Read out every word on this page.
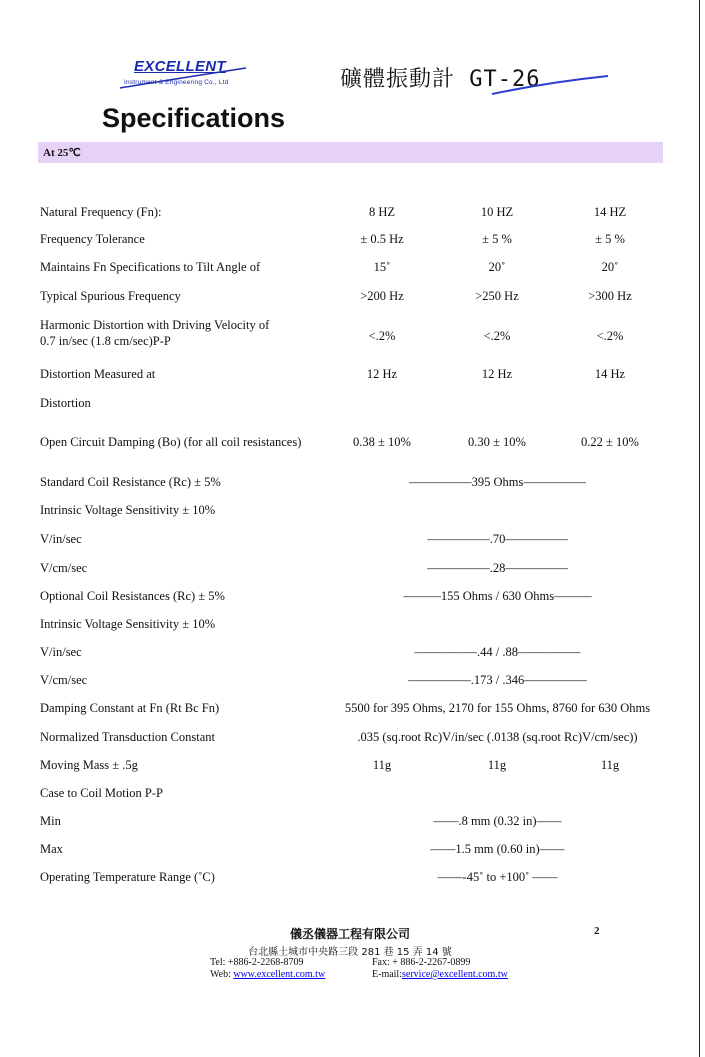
EXCELLENT
Instrument & Engineering Co., Ltd	礦體振動計 GT-26
Specifications
At 25℃
Natural Frequency (Fn):	8 HZ	10 HZ	14 HZ
Frequency Tolerance	± 0.5 Hz	± 5 %	± 5 %
Maintains Fn Specifications to Tilt Angle of	15˚	20˚	20˚
Typical Spurious Frequency	>200 Hz	>250 Hz	>300 Hz
Harmonic Distortion with Driving Velocity of
0.7 in/sec (1.8 cm/sec)P-P	<.2%	<.2%	<.2%
Distortion Measured at	12 Hz	12 Hz	14 Hz
Distortion
Open Circuit Damping (Bo) (for all coil resistances)	0.38 ± 10%	0.30 ± 10%	0.22 ± 10%
Standard Coil Resistance (Rc) ± 5%	―――――395 Ohms―――――
Intrinsic Voltage Sensitivity ± 10%
V/in/sec	―――――.70―――――
V/cm/sec	―――――.28―――――
Optional Coil Resistances (Rc) ± 5%	―――155 Ohms / 630 Ohms―――
Intrinsic Voltage Sensitivity ± 10%
V/in/sec	―――――.44 / .88―――――
V/cm/sec	―――――.173 / .346―――――
Damping Constant at Fn (Rt Bc Fn)	5500 for 395 Ohms, 2170 for 155 Ohms, 8760 for 630 Ohms
Normalized Transduction Constant	.035 (sq.root Rc)V/in/sec (.0138 (sq.root Rc)V/cm/sec))
Moving Mass ± .5g	11g	11g	11g
Case to Coil Motion P-P
Min	――.8 mm (0.32 in)――
Max	――1.5 mm (0.60 in)――
Operating Temperature Range (˚C)	――-45˚ to +100˚ ――
儀丞儀器工程有限公司	2
台北縣土城市中央路三段 281 巷 15 弄 14 號
Tel: +886-2-2268-8709
Web: www.excellent.com.tw
Fax: + 886-2-2267-0899
E-mail:service@excellent.com.tw
